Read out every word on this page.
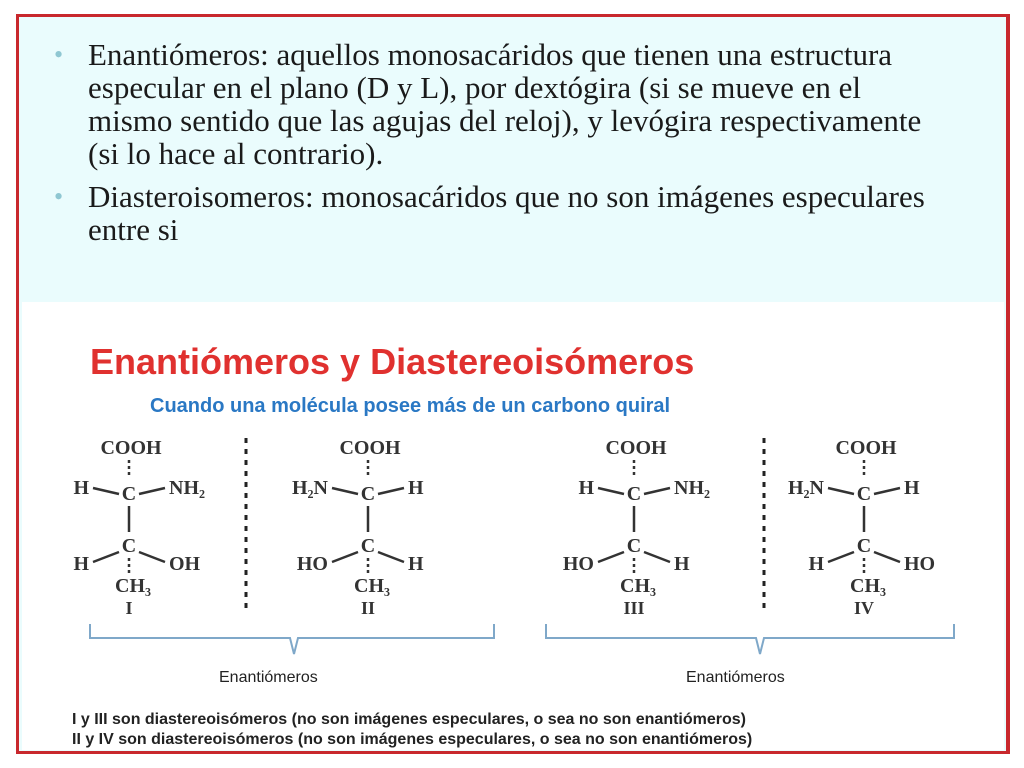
• Enantiómeros: aquellos monosacáridos que tienen una estructura especular en el plano (D y L), por dextógira (si se mueve en el mismo sentido que las agujas del reloj), y levógira respectivamente (si lo hace al contrario).
• Diasteroisomeros: monosacáridos que no son imágenes especulares entre si
Enantiómeros y Diastereoisómeros
Cuando una molécula posee más de un carbono quiral
COOH
C
H	NH₂
C
H	OH
CH₃
I
COOH
C
H₂N	H
C
HO	H
CH₃
II
COOH
C
H	NH₂
C
HO	H
CH₃
III
COOH
C
H₂N	H
C
H	HO
CH₃
IV
Enantiómeros	Enantiómeros
I y III son diastereoisómeros (no son imágenes especulares, o sea no son enantiómeros)
II y IV son diastereoisómeros (no son imágenes especulares, o sea no son enantiómeros)
